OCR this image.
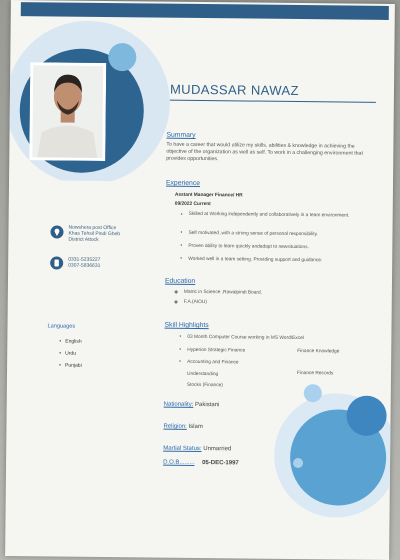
MUDASSAR NAWAZ
Summary
To have a career that would utilize my skills, abilities & knowledge in achieving the objective of the organization as well as self. To work in a challenging environment that provides opportunities.
Experience
Asstant Manager Finance/ HR
09/2022 Current
•	Skilled at Working independently and collaboratively in a team environment.
• Self motivated ,with a strong sense of personal responsibility.
• Proven ability to learn quickly andadapt to newsituations.
• Worked well in a team setting. Providing support and guidance.
Education
❖ Matric in Science ,Rawalpindi Board.
❖ F.A.(AIOU)
Skill Highlights
• 03 Month Computer Course working in MS Word/Excel
• Hyperion Strategic Finance	Finance Knowledge
• Accounting and Finance
Understanding	Finance Records
Stocks (Finance)
Nationality: Pakistani
Religion: Islam
Martial Status: Unmarried
D.O.B......... 05-DEC-1997
Nowshera post Office
Khas Tehsil Pindi Gheb
District Attock
0331-5235227
0307-5836631
Languages
•   English
•   Urdu
•   Punjabi
